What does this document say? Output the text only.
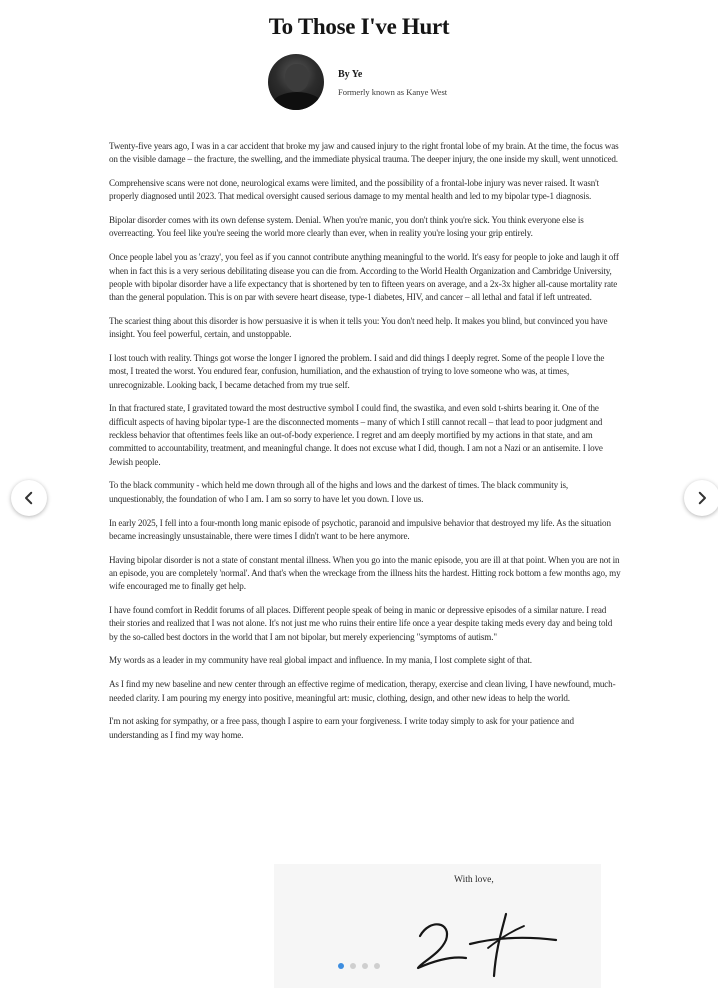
To Those I've Hurt
By Ye
Formerly known as Kanye West

Twenty-five years ago, I was in a car accident that broke my jaw and caused injury to the right frontal lobe of my brain. At the time, the focus was on the visible damage – the fracture, the swelling, and the immediate physical trauma. The deeper injury, the one inside my skull, went unnoticed.

Comprehensive scans were not done, neurological exams were limited, and the possibility of a frontal-lobe injury was never raised. It wasn't properly diagnosed until 2023. That medical oversight caused serious damage to my mental health and led to my bipolar type-1 diagnosis.

Bipolar disorder comes with its own defense system. Denial. When you're manic, you don't think you're sick. You think everyone else is overreacting. You feel like you're seeing the world more clearly than ever, when in reality you're losing your grip entirely.

Once people label you as 'crazy', you feel as if you cannot contribute anything meaningful to the world. It's easy for people to joke and laugh it off when in fact this is a very serious debilitating disease you can die from. According to the World Health Organization and Cambridge University, people with bipolar disorder have a life expectancy that is shortened by ten to fifteen years on average, and a 2x-3x higher all-cause mortality rate than the general population. This is on par with severe heart disease, type-1 diabetes, HIV, and cancer – all lethal and fatal if left untreated.

The scariest thing about this disorder is how persuasive it is when it tells you: You don't need help. It makes you blind, but convinced you have insight. You feel powerful, certain, and unstoppable.

I lost touch with reality. Things got worse the longer I ignored the problem. I said and did things I deeply regret. Some of the people I love the most, I treated the worst. You endured fear, confusion, humiliation, and the exhaustion of trying to love someone who was, at times, unrecognizable. Looking back, I became detached from my true self.

In that fractured state, I gravitated toward the most destructive symbol I could find, the swastika, and even sold t-shirts bearing it. One of the difficult aspects of having bipolar type-1 are the disconnected moments – many of which I still cannot recall – that lead to poor judgment and reckless behavior that oftentimes feels like an out-of-body experience. I regret and am deeply mortified by my actions in that state, and am committed to accountability, treatment, and meaningful change. It does not excuse what I did, though. I am not a Nazi or an antisemite. I love Jewish people.

To the black community - which held me down through all of the highs and lows and the darkest of times. The black community is, unquestionably, the foundation of who I am. I am so sorry to have let you down. I love us.

In early 2025, I fell into a four-month long manic episode of psychotic, paranoid and impulsive behavior that destroyed my life. As the situation became increasingly unsustainable, there were times I didn't want to be here anymore.

Having bipolar disorder is not a state of constant mental illness. When you go into the manic episode, you are ill at that point. When you are not in an episode, you are completely 'normal'. And that's when the wreckage from the illness hits the hardest. Hitting rock bottom a few months ago, my wife encouraged me to finally get help.

I have found comfort in Reddit forums of all places. Different people speak of being in manic or depressive episodes of a similar nature. I read their stories and realized that I was not alone. It's not just me who ruins their entire life once a year despite taking meds every day and being told by the so-called best doctors in the world that I am not bipolar, but merely experiencing "symptoms of autism."

My words as a leader in my community have real global impact and influence. In my mania, I lost complete sight of that.

As I find my new baseline and new center through an effective regime of medication, therapy, exercise and clean living, I have newfound, much-needed clarity. I am pouring my energy into positive, meaningful art: music, clothing, design, and other new ideas to help the world.

I'm not asking for sympathy, or a free pass, though I aspire to earn your forgiveness. I write today simply to ask for your patience and understanding as I find my way home.

With love,
